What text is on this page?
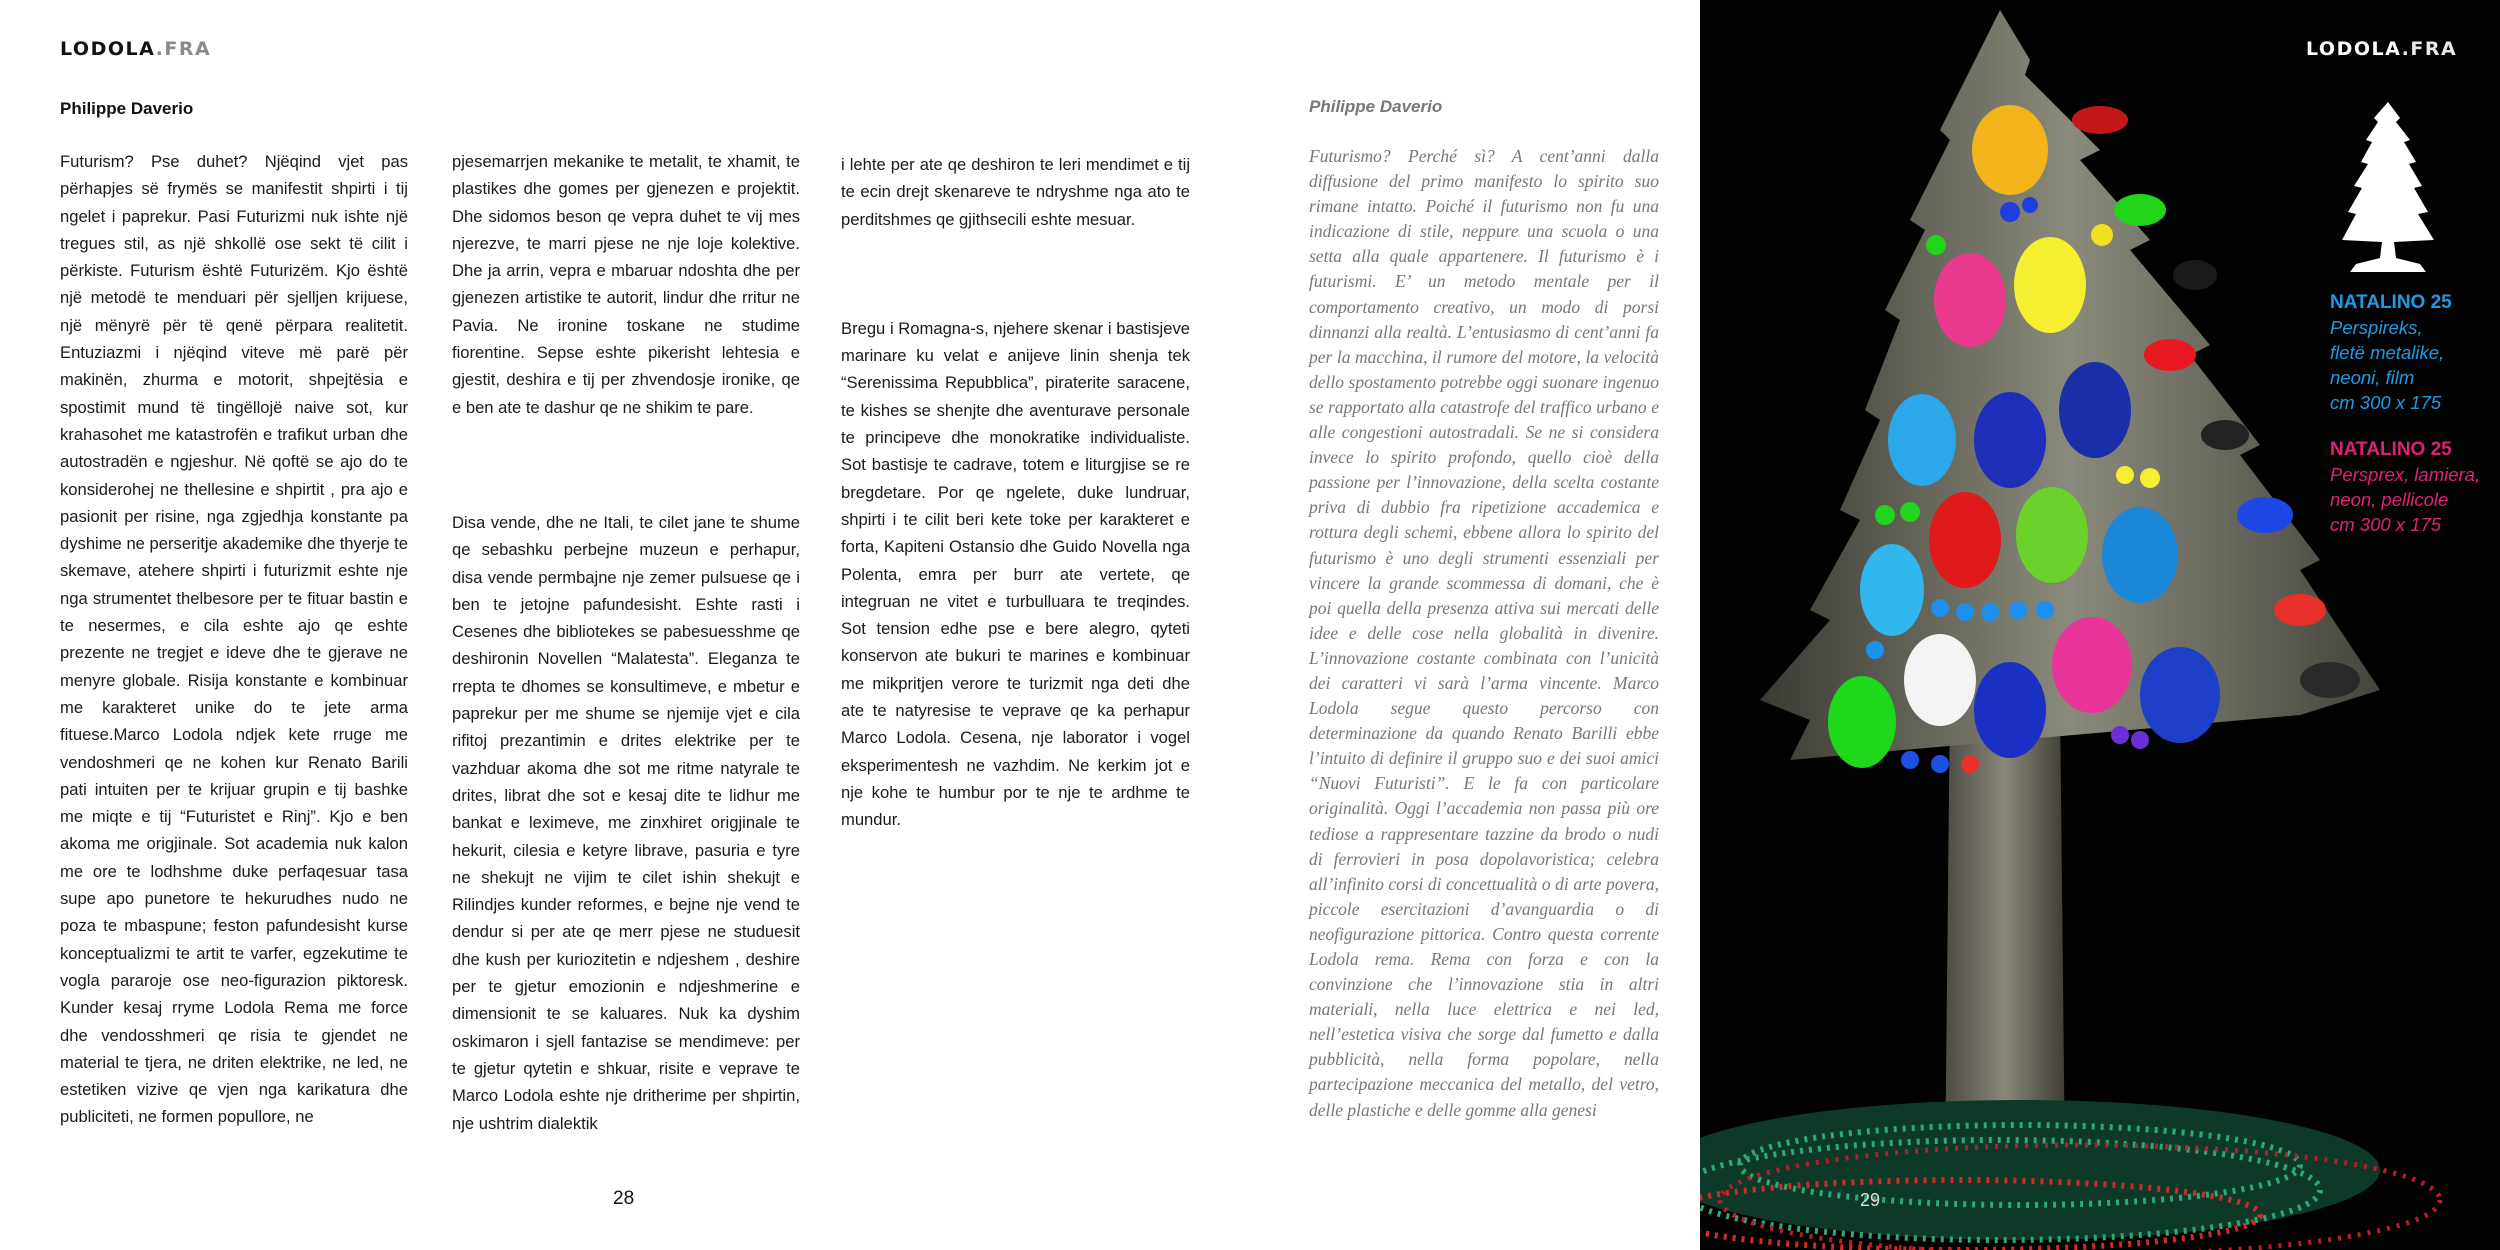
LODOLA.FRA
Philippe Daverio

Futurism? Pse duhet? Njëqind vjet pas përhapjes së frymës se manifestit shpirti i tij ngelet i paprekur. Pasi Futurizmi nuk ishte një tregues stil, as një shkollë ose sekt të cilit i përkiste. Futurism është Futurizëm. Kjo është një metodë te menduari për sjelljen krijuese, një mënyrë për të qenë përpara realitetit. Entuziazmi i njëqind viteve më parë për makinën, zhurma e motorit, shpejtësia e spostimit mund të tingëllojë naive sot, kur krahasohet me katastrofën e trafikut urban dhe autostradën e ngjeshur. Në qoftë se ajo do te konsiderohej ne thellesine e shpirtit , pra ajo e pasionit per risine, nga zgjedhja konstante pa dyshime ne perseritje akademike dhe thyerje te skemave, atehere shpirti i futurizmit eshte nje nga strumentet thelbesore per te fituar bastin e te nesermes, e cila eshte ajo qe eshte prezente ne tregjet e ideve dhe te gjerave ne menyre globale. Risija konstante e kombinuar me karakteret unike do te jete arma fituese.Marco Lodola ndjek kete rruge me vendoshmeri qe ne kohen kur Renato Barili pati intuiten per te krijuar grupin e tij bashke me miqte e tij “Futuristet e Rinj”. Kjo e ben akoma me origjinale. Sot academia nuk kalon me ore te lodhshme duke perfaqesuar tasa supe apo punetore te hekurudhes nudo ne poza te mbaspune; feston pafundesisht kurse konceptualizmi te artit te varfer, egzekutime te vogla pararoje ose neo-figurazion piktoresk. Kunder kesaj rryme Lodola Rema me force dhe vendosshmeri qe risia te gjendet ne material te tjera, ne driten elektrike, ne led, ne estetiken vizive qe vjen nga karikatura dhe publiciteti, ne formen popullore, ne

pjesemarrjen mekanike te metalit, te xhamit, te plastikes dhe gomes per gjenezen e projektit. Dhe sidomos beson qe vepra duhet te vij mes njerezve, te marri pjese ne nje loje kolektive. Dhe ja arrin, vepra e mbaruar ndoshta dhe per gjenezen artistike te autorit, lindur dhe rritur ne Pavia. Ne ironine toskane ne studime fiorentine. Sepse eshte pikerisht lehtesia e gjestit, deshira e tij per zhvendosje ironike, qe e ben ate te dashur qe ne shikim te pare.

Disa vende, dhe ne Itali, te cilet jane te shume qe sebashku perbejne muzeun e perhapur, disa vende permbajne nje zemer pulsuese qe i ben te jetojne pafundesisht. Eshte rasti i Cesenes dhe bibliotekes se pabesuesshme qe deshironin Novellen “Malatesta”. Eleganza te rrepta te dhomes se konsultimeve, e mbetur e paprekur per me shume se njemije vjet e cila rifitoj prezantimin e drites elektrike per te vazhduar akoma dhe sot me ritme natyrale te drites, librat dhe sot e kesaj dite te lidhur me bankat e leximeve, me zinxhiret origjinale te hekurit, cilesia e ketyre librave, pasuria e tyre ne shekujt ne vijim te cilet ishin shekujt e Rilindjes kunder reformes, e bejne nje vend te dendur si per ate qe merr pjese ne studuesit dhe kush per kuriozitetin e ndjeshem , deshire per te gjetur emozionin e ndjeshmerine e dimensionit te se kaluares. Nuk ka dyshim oskimaron i sjell fantazise se mendimeve: per te gjetur qytetin e shkuar, risite e veprave te Marco Lodola eshte nje dritherime per shpirtin, nje ushtrim dialektik

i lehte per ate qe deshiron te leri mendimet e tij te ecin drejt skenareve te ndryshme nga ato te perditshmes qe gjithsecili eshte mesuar.

Bregu i Romagna-s, njehere skenar i bastisjeve marinare ku velat e anijeve linin shenja tek “Serenissima Repubblica”, piraterite saracene, te kishes se shenjte dhe aventurave personale te principeve dhe monokratike individualiste. Sot bastisje te cadrave, totem e liturgjise se re bregdetare. Por qe ngelete, duke lundruar, shpirti i te cilit beri kete toke per karakteret e forta, Kapiteni Ostansio dhe Guido Novella nga Polenta, emra per burr ate vertete, qe integruan ne vitet e turbulluara te treqindes. Sot tension edhe pse e bere alegro, qyteti konservon ate bukuri te marines e kombinuar me mikpritjen verore te turizmit nga deti dhe ate te natyresise te veprave qe ka perhapur Marco Lodola. Cesena, nje laborator i vogel eksperimentesh ne vazhdim. Ne kerkim jot e nje kohe te humbur por te nje te ardhme te mundur.

28
Philippe Daverio

Futurismo? Perché sì? A cent’anni dalla diffusione del primo manifesto lo spirito suo rimane intatto. Poiché il futurismo non fu una indicazione di stile, neppure una scuola o una setta alla quale appartenere. Il futurismo è i futurismi. E’ un metodo mentale per il comportamento creativo, un modo di porsi dinnanzi alla realtà. L’entusiasmo di cent’anni fa per la macchina, il rumore del motore, la velocità dello spostamento potrebbe oggi suonare ingenuo se rapportato alla catastrofe del traffico urbano e alle congestioni autostradali. Se ne si considera invece lo spirito profondo, quello cioè della passione per l’innovazione, della scelta costante priva di dubbio fra ripetizione accademica e rottura degli schemi, ebbene allora lo spirito del futurismo è uno degli strumenti essenziali per vincere la grande scommessa di domani, che è poi quella della presenza attiva sui mercati delle idee e delle cose nella globalità in divenire. L’innovazione costante combinata con l’unicità dei caratteri vi sarà l’arma vincente. Marco Lodola segue questo percorso con determinazione da quando Renato Barilli ebbe l’intuito di definire il gruppo suo e dei suoi amici “Nuovi Futuristi”. E le fa con particolare originalità. Oggi l’accademia non passa più ore tediose a rappresentare tazzine da brodo o nudi di ferrovieri in posa dopolavoristica; celebra all’infinito corsi di concettualità o di arte povera, piccole esercitazioni d’avanguardia o di neofigurazione pittorica. Contro questa corrente Lodola rema. Rema con forza e con la convinzione che l’innovazione stia in altri materiali, nella luce elettrica e nei led, nell’estetica visiva che sorge dal fumetto e dalla pubblicità, nella forma popolare, nella partecipazione meccanica del metallo, del vetro, delle plastiche e delle gomme alla genesi

LODOLA.FRA
NATALINO 25
Perspireks,
fletë metalike,
neoni, film
cm 300 x 175
NATALINO 25
Persprex, lamiera,
neon, pellicole
cm 300 x 175
29
